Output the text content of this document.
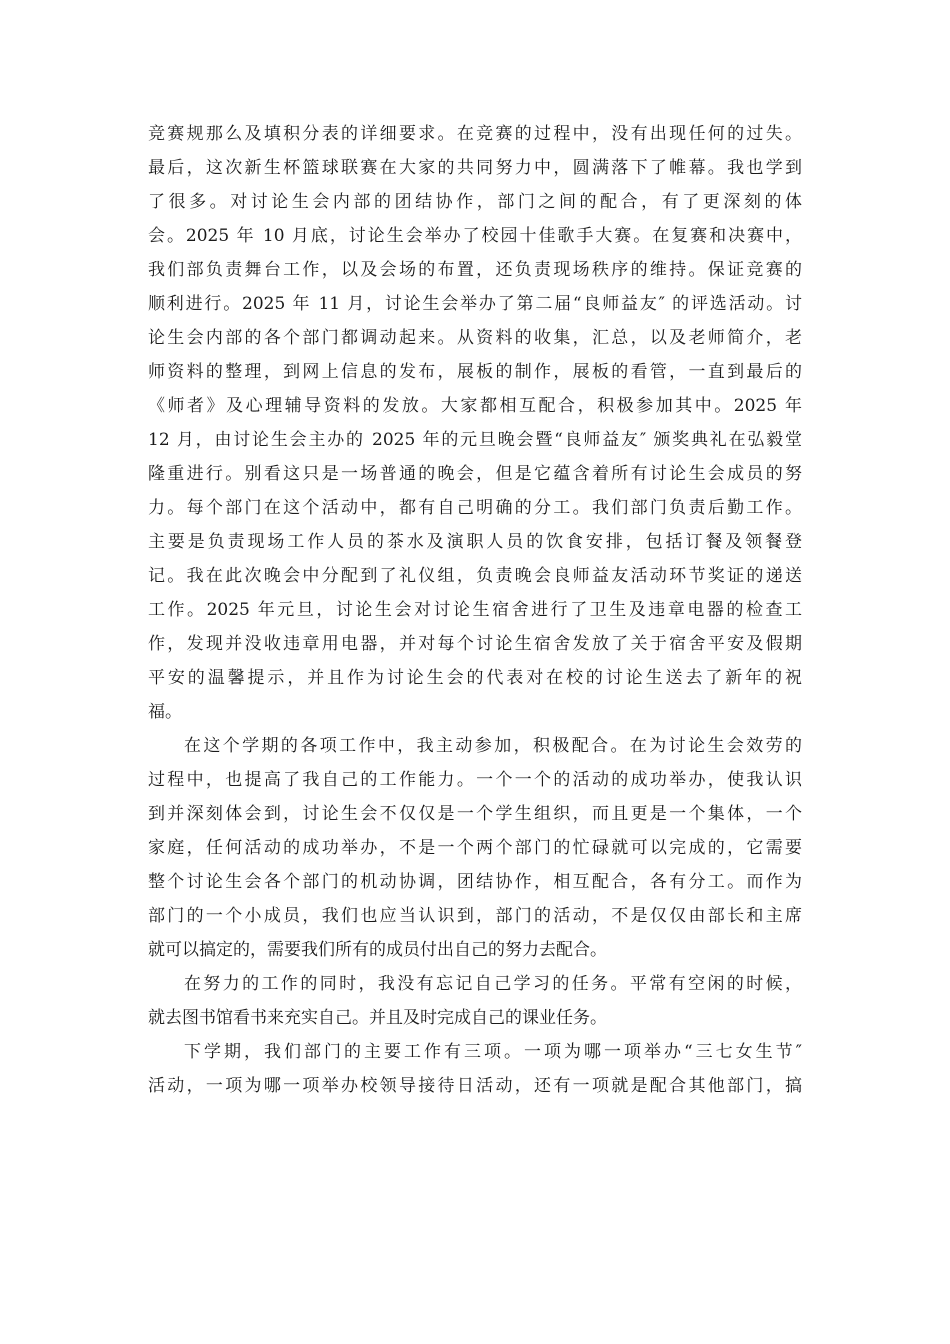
竞赛规那么及填积分表的详细要求。在竞赛的过程中，没有出现任何的过失。
最后，这次新生杯篮球联赛在大家的共同努力中，圆满落下了帷幕。我也学到
了很多。对讨论生会内部的团结协作，部门之间的配合，有了更深刻的体
会。2025 年 10 月底，讨论生会举办了校园十佳歌手大赛。在复赛和决赛中，
我们部负责舞台工作，以及会场的布置，还负责现场秩序的维持。保证竞赛的
顺利进行。2025 年 11 月，讨论生会举办了第二届“良师益友″ 的评选活动。讨
论生会内部的各个部门都调动起来。从资料的收集，汇总，以及老师简介，老
师资料的整理，到网上信息的发布，展板的制作，展板的看管，一直到最后的
《师者》及心理辅导资料的发放。大家都相互配合，积极参加其中。2025 年
12 月，由讨论生会主办的 2025 年的元旦晚会暨“良师益友″ 颁奖典礼在弘毅堂
隆重进行。别看这只是一场普通的晚会，但是它蕴含着所有讨论生会成员的努
力。每个部门在这个活动中，都有自己明确的分工。我们部门负责后勤工作。
主要是负责现场工作人员的茶水及演职人员的饮食安排，包括订餐及领餐登
记。我在此次晚会中分配到了礼仪组，负责晚会良师益友活动环节奖证的递送
工作。2025 年元旦，讨论生会对讨论生宿舍进行了卫生及违章电器的检查工
作，发现并没收违章用电器，并对每个讨论生宿舍发放了关于宿舍平安及假期
平安的温馨提示，并且作为讨论生会的代表对在校的讨论生送去了新年的祝
福。
在这个学期的各项工作中，我主动参加，积极配合。在为讨论生会效劳的
过程中，也提高了我自己的工作能力。一个一个的活动的成功举办，使我认识
到并深刻体会到，讨论生会不仅仅是一个学生组织，而且更是一个集体，一个
家庭，任何活动的成功举办，不是一个两个部门的忙碌就可以完成的，它需要
整个讨论生会各个部门的机动协调，团结协作，相互配合，各有分工。而作为
部门的一个小成员，我们也应当认识到，部门的活动，不是仅仅由部长和主席
就可以搞定的，需要我们所有的成员付出自己的努力去配合。
在努力的工作的同时，我没有忘记自己学习的任务。平常有空闲的时候，
就去图书馆看书来充实自己。并且及时完成自己的课业任务。
下学期，我们部门的主要工作有三项。一项为哪一项举办“三七女生节″
活动，一项为哪一项举办校领导接待日活动，还有一项就是配合其他部门，搞
